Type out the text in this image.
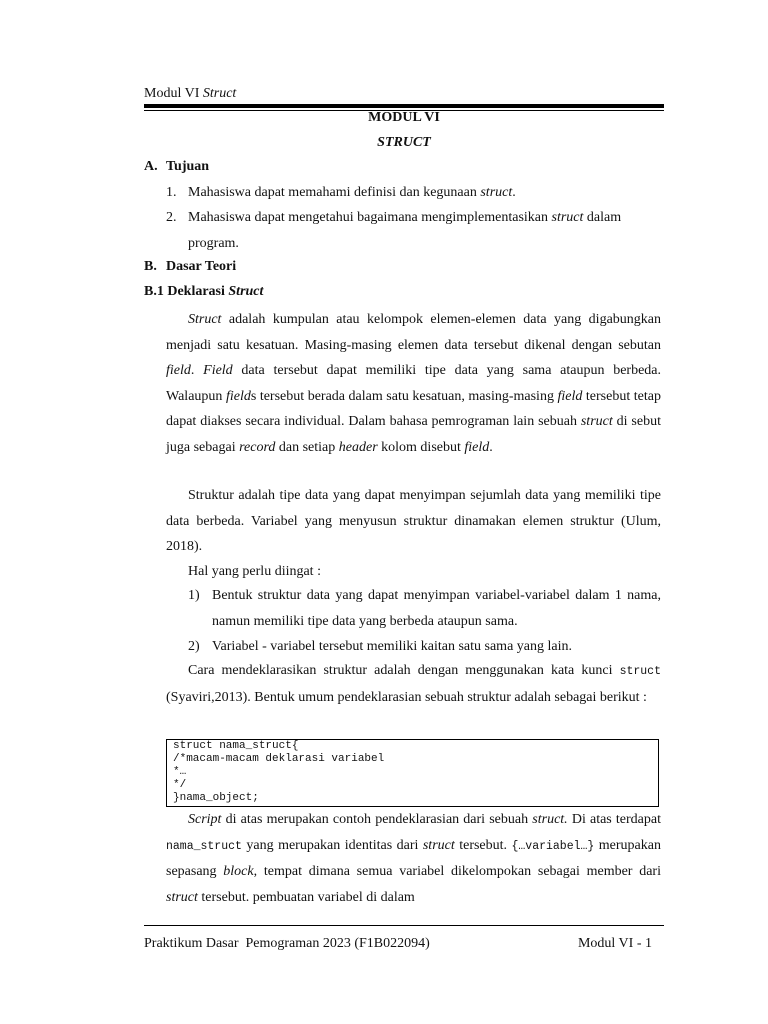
Modul VI Struct
MODUL VI
STRUCT
A. Tujuan
1. Mahasiswa dapat memahami definisi dan kegunaan struct.
2. Mahasiswa dapat mengetahui bagaimana mengimplementasikan struct dalam
program.
B. Dasar Teori
B.1 Deklarasi Struct
Struct adalah kumpulan atau kelompok elemen-elemen data yang digabungkan menjadi satu kesatuan. Masing-masing elemen data tersebut dikenal dengan sebutan field. Field data tersebut dapat memiliki tipe data yang sama ataupun berbeda. Walaupun fields tersebut berada dalam satu kesatuan, masing-masing field tersebut tetap dapat diakses secara individual. Dalam bahasa pemrograman lain sebuah struct di sebut juga sebagai record dan setiap header kolom disebut field.
Struktur adalah tipe data yang dapat menyimpan sejumlah data yang memiliki tipe data berbeda. Variabel yang menyusun struktur dinamakan elemen struktur (Ulum, 2018).
Hal yang perlu diingat :
1) Bentuk struktur data yang dapat menyimpan variabel-variabel dalam 1 nama, namun memiliki tipe data yang berbeda ataupun sama.
2) Variabel - variabel tersebut memiliki kaitan satu sama yang lain.
Cara mendeklarasikan struktur adalah dengan menggunakan kata kunci struct (Syaviri,2013). Bentuk umum pendeklarasian sebuah struktur adalah sebagai berikut :
struct nama_struct{
/*macam-macam deklarasi variabel
*…
*/
}nama_object;
Script di atas merupakan contoh pendeklarasian dari sebuah struct. Di atas terdapat nama_struct yang merupakan identitas dari struct tersebut. {…variabel…} merupakan sepasang block, tempat dimana semua variabel dikelompokan sebagai member dari struct tersebut. pembuatan variabel di dalam
Praktikum Dasar  Pemograman 2023 (F1B022094)	Modul VI - 1
